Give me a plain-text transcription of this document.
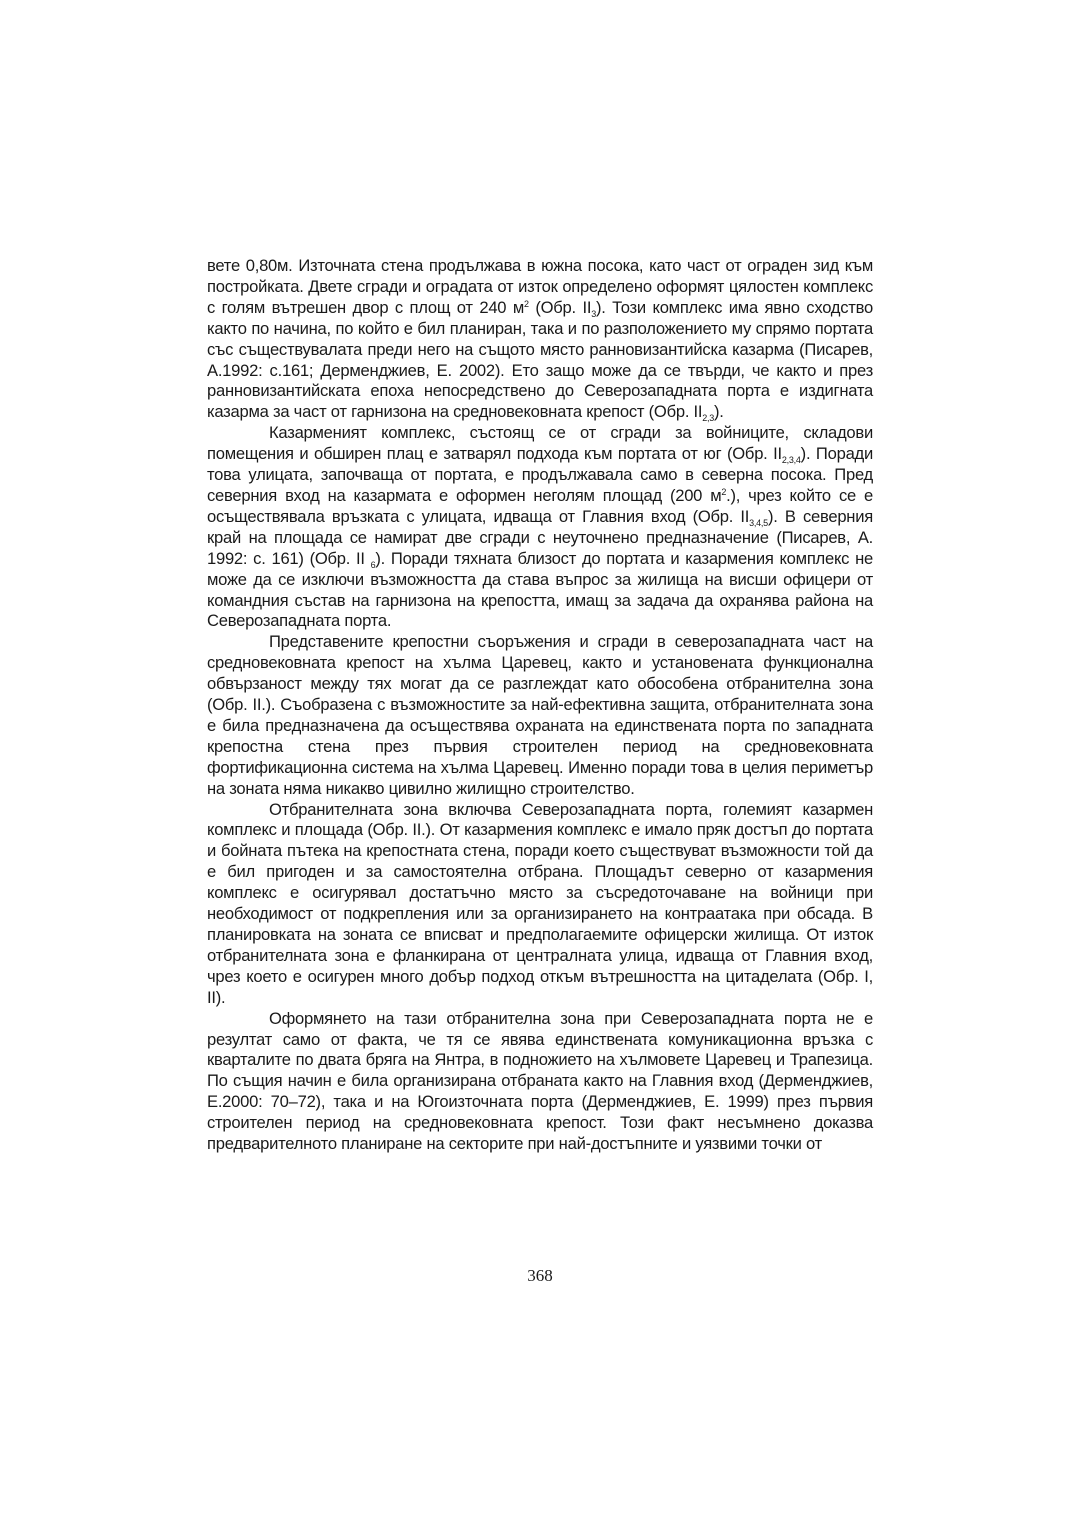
вете 0,80м. Източната стена продължава в южна посока, като част от ограден зид към постройката. Двете сгради и оградата от изток определено оформят цялостен комплекс с голям вътрешен двор с площ от 240 $м^2$ (Обр. $II_3$). Този комплекс има явно сходство както по начина, по който е бил планиран, така и по разположението му спрямо портата със съществувалата преди него на същото място ранновизантийска казарма (Писарев, А.1992: с.161; Дерменджиев, Е. 2002). Ето защо може да се твърди, че както и през ранновизантийската епоха непосредствено до Северозападната порта е издигната казарма за част от гарнизона на средновековната крепост (Обр. $II_{2,3}$).

Казарменият комплекс, състоящ се от сгради за войниците, складови помещения и обширен плац е затварял подхода към портата от юг (Обр. $II_{2,3,4}$). Поради това улицата, започваща от портата, е продължавала само в северна посока. Пред северния вход на казармата е оформен неголям площад (200 $м^2$.), чрез който се е осъществявала връзката с улицата, идваща от Главния вход (Обр. $II_{3,4,5}$). В северния край на площада се намират две сгради с неуточнено предназначение (Писарев, А. 1992: с. 161) (Обр. II $_6$). Поради тяхната близост до портата и казармения комплекс не може да се изключи възможността да става въпрос за жилища на висши офицери от командния състав на гарнизона на крепостта, имащ за задача да охранява района на Северозападната порта.

Представените крепостни съоръжения и сгради в северозападната част на средновековната крепост на хълма Царевец, както и установената функционална обвързаност между тях могат да се разглеждат като обособена отбранителна зона (Обр. II.). Съобразена с възможностите за най-ефективна защита, отбранителната зона е била предназначена да осъществява охраната на единствената порта по западната крепостна стена през първия строителен период на средновековната фортификационна система на хълма Царевец. Именно поради това в целия периметър на зоната няма никакво цивилно жилищно строителство.

Отбранителната зона включва Северозападната порта, големият казармен комплекс и площада (Обр. II.). От казармения комплекс е имало пряк достъп до портата и бойната пътека на крепостната стена, поради което съществуват възможности той да е бил пригоден и за самостоятелна отбрана. Площадът северно от казармения комплекс е осигурявал достатъчно място за съсредоточаване на войници при необходимост от подкрепления или за организирането на контраатака при обсада. В планировката на зоната се вписват и предполагаемите офицерски жилища. От изток отбранителната зона е фланкирана от централната улица, идваща от Главния вход, чрез което е осигурен много добър подход откъм вътрешността на цитаделата (Обр. I, II).

Оформянето на тази отбранителна зона при Северозападната порта не е резултат само от факта, че тя се явява единствената комуникационна връзка с кварталите по двата бряга на Янтра, в подножието на хълмовете Царевец и Трапезица. По същия начин е била организирана отбраната както на Главния вход (Дерменджиев, Е.2000: 70–72), така и на Югоизточната порта (Дерменджиев, Е. 1999) през първия строителен период на средновековната крепост. Този факт несъмнено доказва предварителното планиране на секторите при най-достъпните и уязвими точки от

368
